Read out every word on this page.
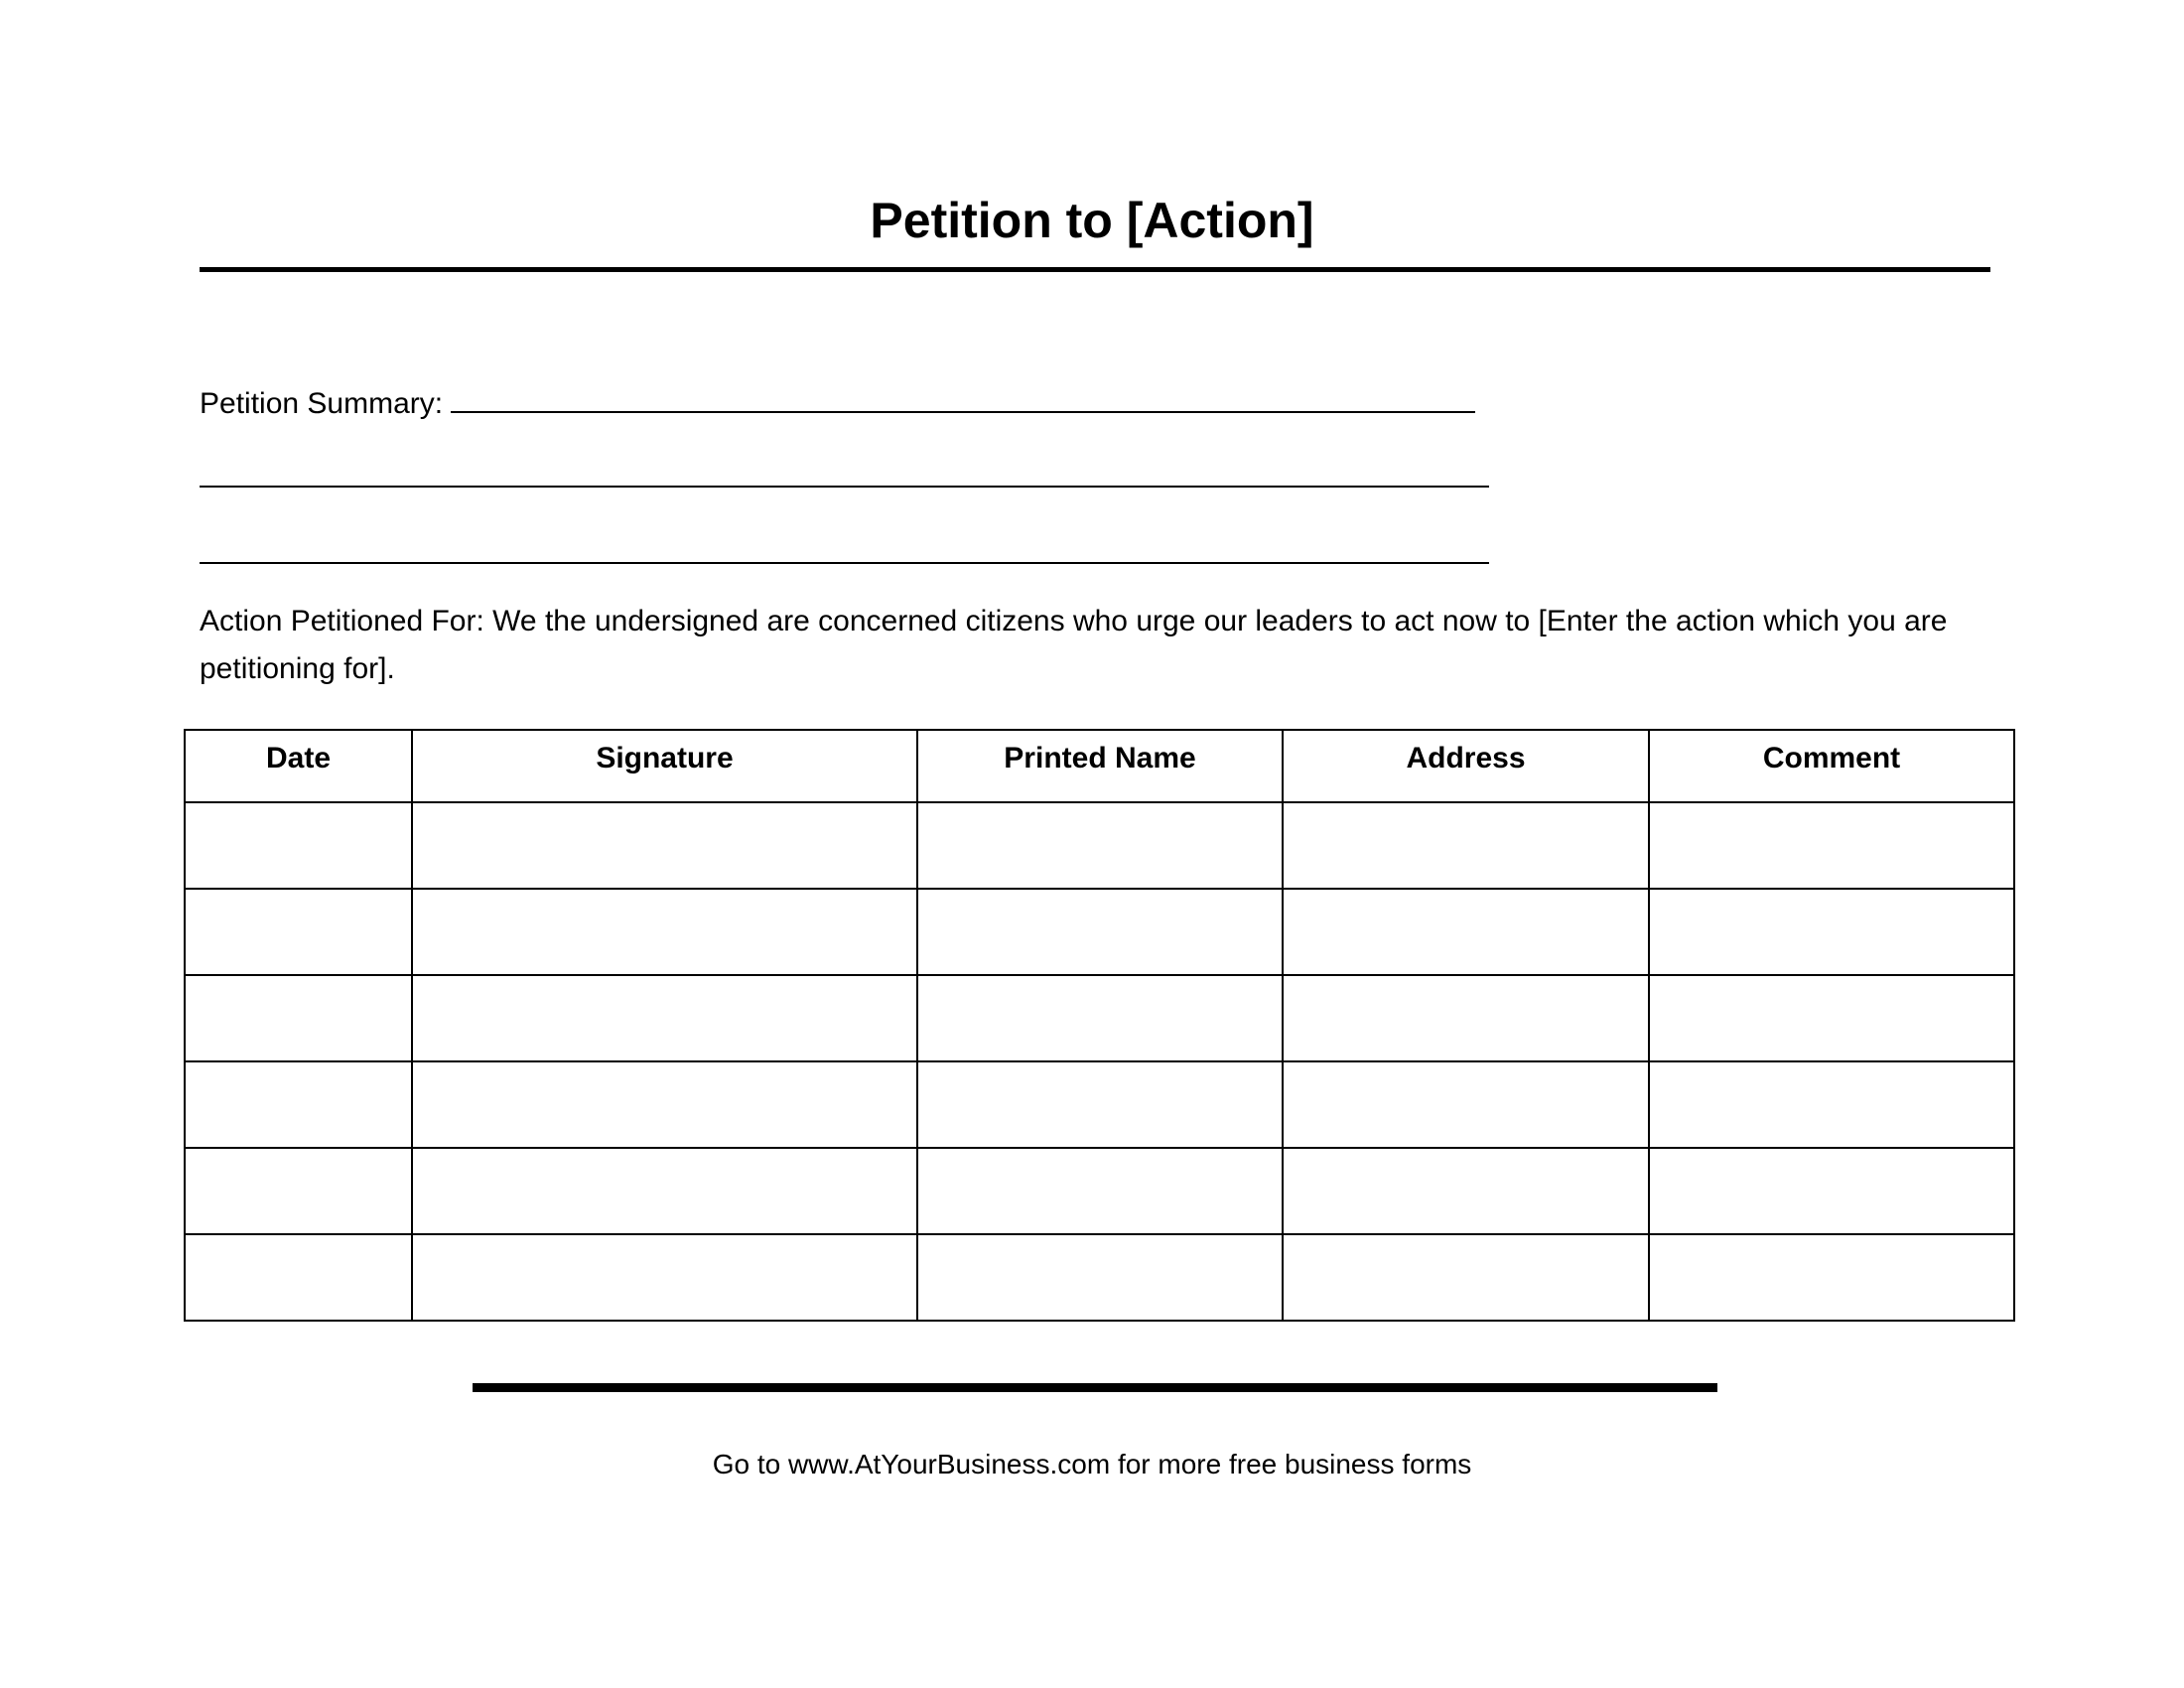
Petition to [Action]
Petition Summary:
Action Petitioned For: We the undersigned are concerned citizens who urge our leaders to act now to [Enter the action which you are petitioning for].
Date	Signature	Printed Name	Address	Comment

Go to www.AtYourBusiness.com for more free business forms
